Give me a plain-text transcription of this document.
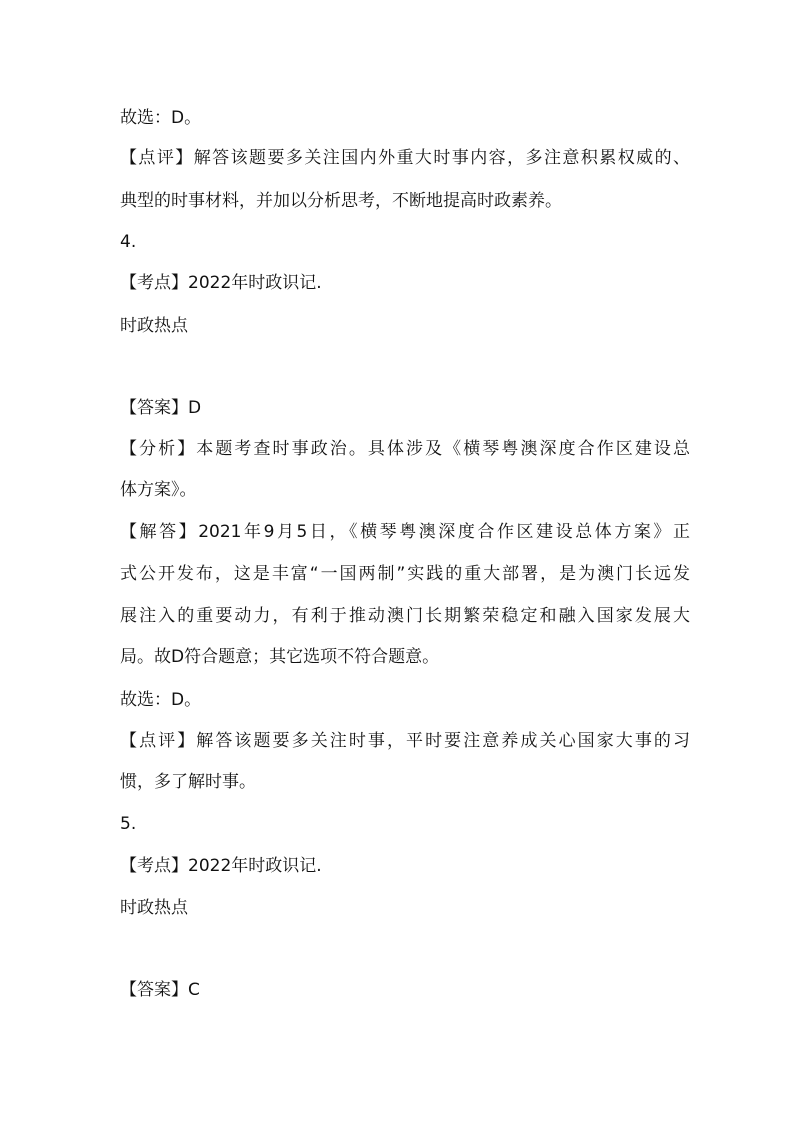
故选：D。
【点评】解答该题要多关注国内外重大时事内容，多注意积累权威的、
典型的时事材料，并加以分析思考，不断地提高时政素养。
4.
【考点】2022年时政识记.
时政热点
【答案】D
【分析】本题考查时事政治。具体涉及《横琴粤澳深度合作区建设总
体方案》。
【解答】2021年9月5日，《横琴粤澳深度合作区建设总体方案》正
式公开发布，这是丰富“一国两制”实践的重大部署，是为澳门长远发
展注入的重要动力，有利于推动澳门长期繁荣稳定和融入国家发展大
局。故D符合题意；其它选项不符合题意。
故选：D。
【点评】解答该题要多关注时事，平时要注意养成关心国家大事的习
惯，多了解时事。
5.
【考点】2022年时政识记.
时政热点
【答案】C
